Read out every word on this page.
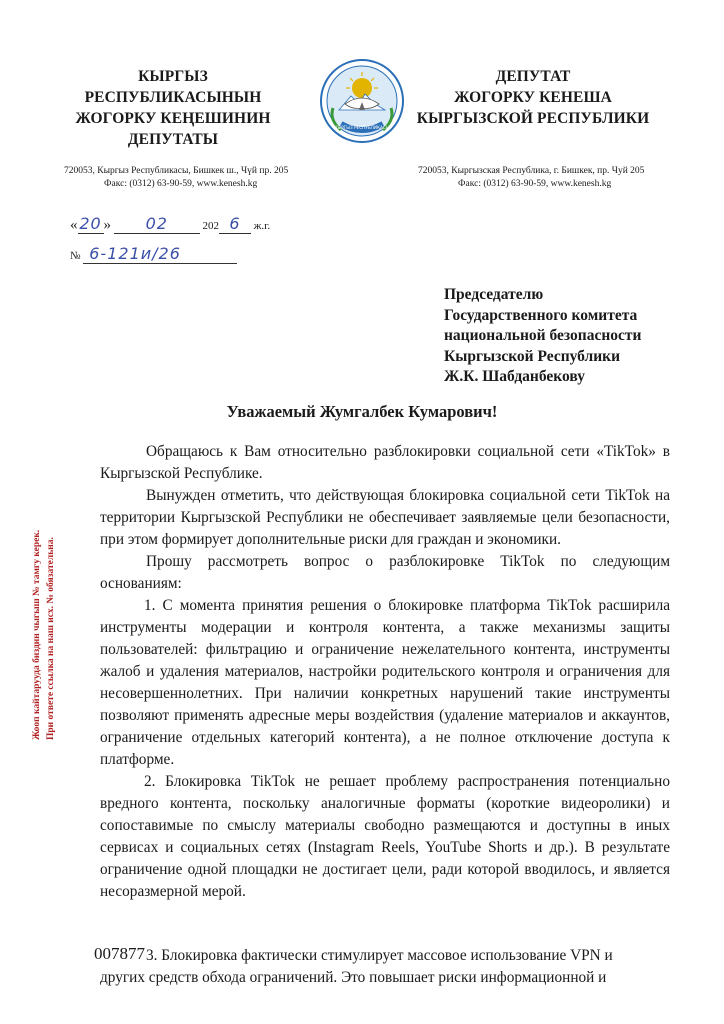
КЫРГЫЗ РЕСПУБЛИКАСЫНЫН
ЖОГОРКУ КЕҢЕШИНИН
ДЕПУТАТЫ
КЫРГЫЗ РЕСПУБЛИКАСЫ
ДЕПУТАТ
ЖОГОРКУ КЕНЕША
КЫРГЫЗСКОЙ РЕСПУБЛИКИ
720053, Кыргыз Республикасы, Бишкек ш., Чүй пр. 205
Факс: (0312) 63-90-59, www.kenesh.kg
720053, Кыргызская Республика, г. Бишкек, пр. Чуй 205
Факс: (0312) 63-90-59, www.kenesh.kg
« 20 » 02	202 6 ж.г.
№ 6-121и/26
Председателю
Государственного комитета
национальной безопасности
Кыргызской Республики
Ж.К. Шабданбекову
Уважаемый Жумгалбек Кумарович!

Обращаюсь к Вам относительно разблокировки социальной сети «TikTok» в Кыргызской Республике.

Вынужден отметить, что действующая блокировка социальной сети TikTok на территории Кыргызской Республики не обеспечивает заявляемые цели безопасности, при этом формирует дополнительные риски для граждан и экономики.

Прошу рассмотреть вопрос о разблокировке TikTok по следующим основаниям:

1. С момента принятия решения о блокировке платформа TikTok расширила инструменты модерации и контроля контента, а также механизмы защиты пользователей: фильтрацию и ограничение нежелательного контента, инструменты жалоб и удаления материалов, настройки родительского контроля и ограничения для несовершеннолетних. При наличии конкретных нарушений такие инструменты позволяют применять адресные меры воздействия (удаление материалов и аккаунтов, ограничение отдельных категорий контента), а не полное отключение доступа к платформе.

2. Блокировка TikTok не решает проблему распространения потенциально вредного контента, поскольку аналогичные форматы (короткие видеоролики) и сопоставимые по смыслу материалы свободно размещаются и доступны в иных сервисах и социальных сетях (Instagram Reels, YouTube Shorts и др.). В результате ограничение одной площадки не достигает цели, ради которой вводилось, и является несоразмерной мерой.

Жооп кайтарууда биздин чыгыш № тамгу керек. При ответе ссылка на наш исх. № обязательна.
007877 3. Блокировка фактически стимулирует массовое использование VPN и
других средств обхода ограничений. Это повышает риски информационной и
